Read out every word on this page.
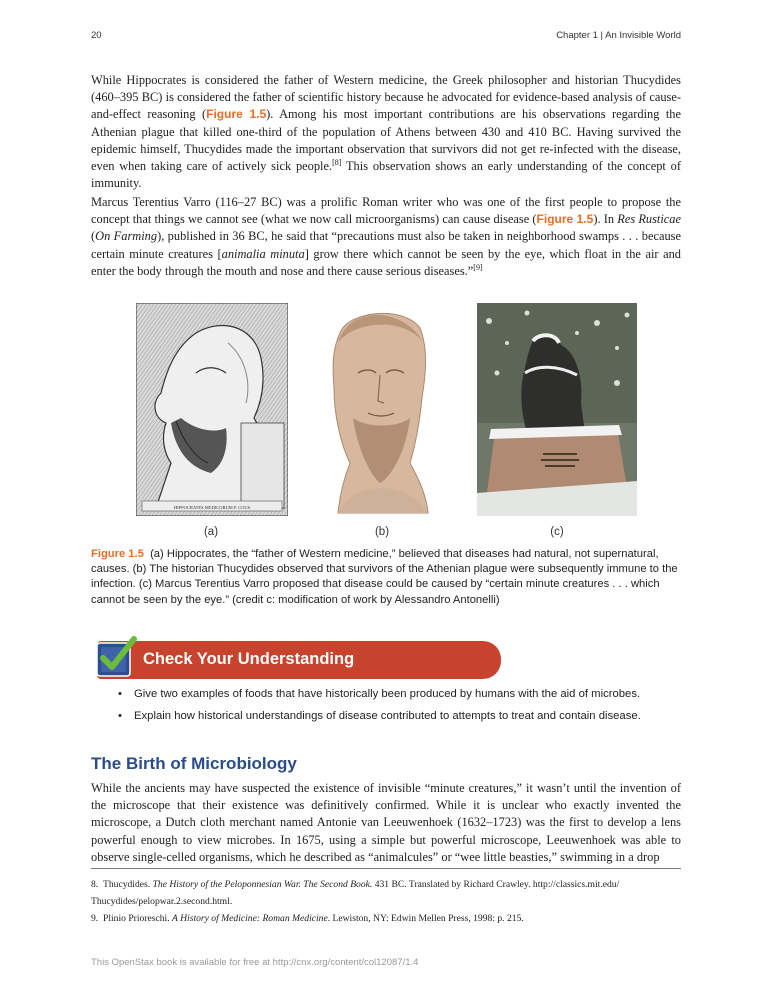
20	Chapter 1 | An Invisible World

While Hippocrates is considered the father of Western medicine, the Greek philosopher and historian Thucydides (460–395 BC) is considered the father of scientific history because he advocated for evidence-based analysis of cause-and-effect reasoning (Figure 1.5). Among his most important contributions are his observations regarding the Athenian plague that killed one-third of the population of Athens between 430 and 410 BC. Having survived the epidemic himself, Thucydides made the important observation that survivors did not get re-infected with the disease, even when taking care of actively sick people.[8] This observation shows an early understanding of the concept of immunity.

Marcus Terentius Varro (116–27 BC) was a prolific Roman writer who was one of the first people to propose the concept that things we cannot see (what we now call microorganisms) can cause disease (Figure 1.5). In Res Rusticae (On Farming), published in 36 BC, he said that “precautions must also be taken in neighborhood swamps . . . because certain minute creatures [animalia minuta] grow there which cannot be seen by the eye, which float in the air and enter the body through the mouth and nose and there cause serious diseases.”[9]

HIPPOCRATES MEDICORUM P. COUS
(a)	(b)	(c)

Figure 1.5 (a) Hippocrates, the “father of Western medicine,” believed that diseases had natural, not supernatural, causes. (b) The historian Thucydides observed that survivors of the Athenian plague were subsequently immune to the infection. (c) Marcus Terentius Varro proposed that disease could be caused by “certain minute creatures . . . which cannot be seen by the eye.” (credit c: modification of work by Alessandro Antonelli)

Check Your Understanding
• Give two examples of foods that have historically been produced by humans with the aid of microbes.
• Explain how historical understandings of disease contributed to attempts to treat and contain disease.
The Birth of Microbiology

While the ancients may have suspected the existence of invisible “minute creatures,” it wasn’t until the invention of the microscope that their existence was definitively confirmed. While it is unclear who exactly invented the microscope, a Dutch cloth merchant named Antonie van Leeuwenhoek (1632–1723) was the first to develop a lens powerful enough to view microbes. In 1675, using a simple but powerful microscope, Leeuwenhoek was able to observe single-celled organisms, which he described as “animalcules” or “wee little beasties,” swimming in a drop

8. Thucydides. The History of the Peloponnesian War. The Second Book. 431 BC. Translated by Richard Crawley. http://classics.mit.edu/ Thucydides/pelopwar.2.second.html.

9. Plinio Prioreschi. A History of Medicine: Roman Medicine. Lewiston, NY: Edwin Mellen Press, 1998: p. 215.

This OpenStax book is available for free at http://cnx.org/content/col12087/1.4
